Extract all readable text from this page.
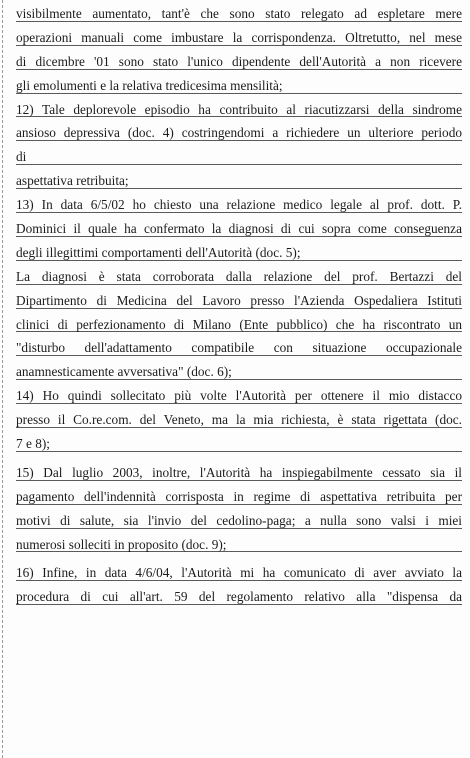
visibilmente aumentato, tant'è che sono stato relegato ad espletare mere
operazioni manuali come imbustare la corrispondenza. Oltretutto, nel mese
di dicembre '01 sono stato l'unico dipendente dell'Autorità a non ricevere
gli emolumenti e la relativa tredicesima mensilità;
12) Tale deplorevole episodio ha contribuito al riacutizzarsi della sindrome
ansioso depressiva (doc. 4) costringendomi a richiedere un ulteriore periodo
di
aspettativa retribuita;
13) In data 6/5/02 ho chiesto una relazione medico legale al prof. dott. P.
Dominici il quale ha confermato la diagnosi di cui sopra come conseguenza
degli illegittimi comportamenti dell'Autorità (doc. 5);
La diagnosi è stata corroborata dalla relazione del prof. Bertazzi del
Dipartimento di Medicina del Lavoro presso l'Azienda Ospedaliera Istituti
clinici di perfezionamento di Milano (Ente pubblico) che ha riscontrato un
"disturbo dell'adattamento compatibile con situazione occupazionale
anamnesticamente avversativa" (doc. 6);
14) Ho quindi sollecitato più volte l'Autorità per ottenere il mio distacco
presso il Co.re.com. del Veneto, ma la mia richiesta, è stata rigettata (doc.
7 e 8);
15) Dal luglio 2003, inoltre, l'Autorità ha inspiegabilmente cessato sia il
pagamento dell'indennità corrisposta in regime di aspettativa retribuita per
motivi di salute, sia l'invio del cedolino-paga; a nulla sono valsi i miei
numerosi solleciti in proposito (doc. 9);
16) Infine, in data 4/6/04, l'Autorità mi ha comunicato di aver avviato la
procedura di cui all'art. 59 del regolamento relativo alla "dispensa da
